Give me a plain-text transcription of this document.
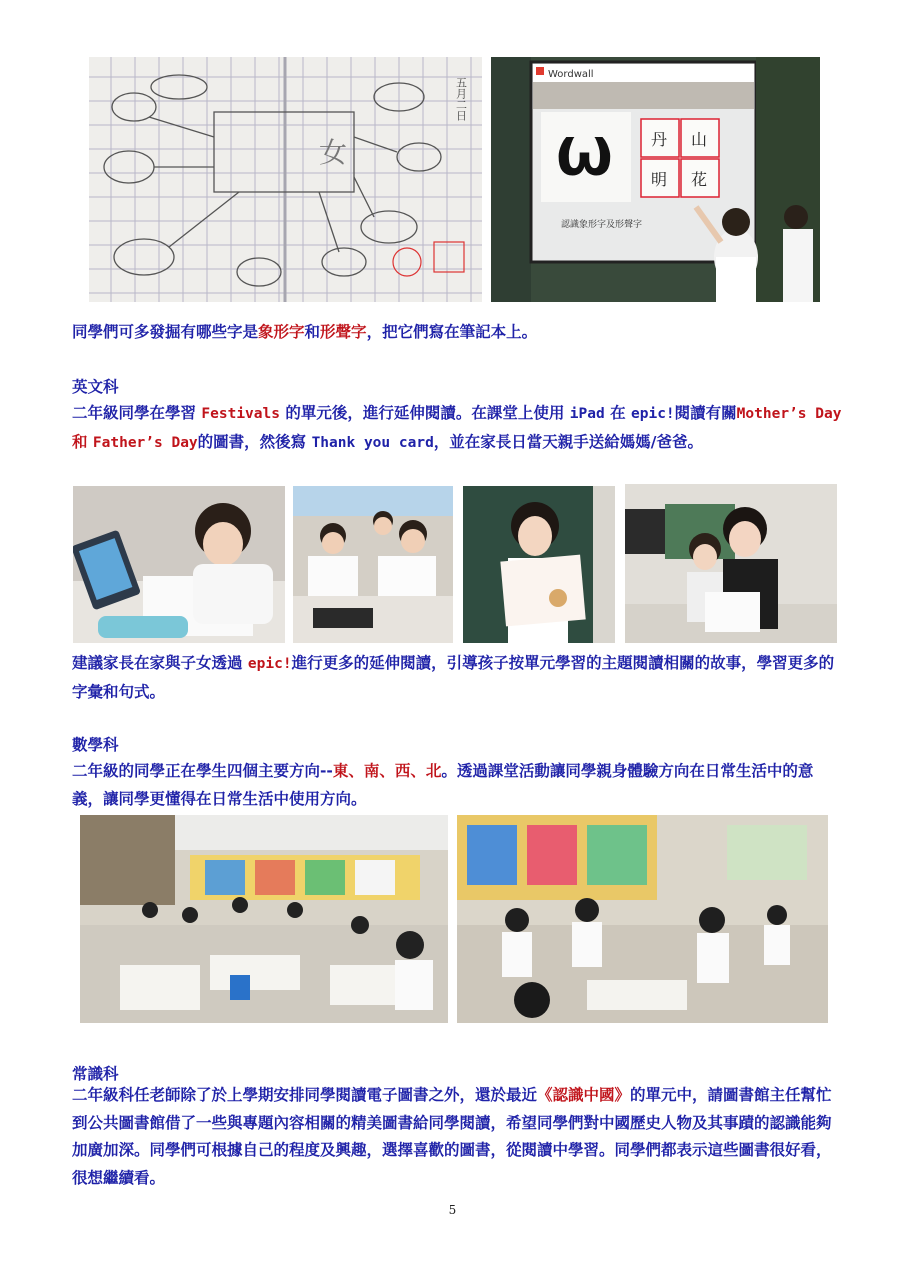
女
五月二日
Wordwall
Ѡ 丹 山
明 花
認識象形字及形聲字
同學們可多發掘有哪些字是象形字和形聲字，把它們寫在筆記本上。
英文科
二年級同學在學習 Festivals 的單元後，進行延伸閱讀。在課堂上使用 iPad 在 epic!閱讀有關Mother’s Day 和 Father’s Day的圖書，然後寫 Thank you card，並在家長日當天親手送給媽媽/爸爸。
建議家長在家與子女透過 epic!進行更多的延伸閱讀，引導孩子按單元學習的主題閱讀相關的故事，學習更多的字彙和句式。
數學科
二年級的同學正在學生四個主要方向--東、南、西、北。透過課堂活動讓同學親身體驗方向在日常生活中的意義，讓同學更懂得在日常生活中使用方向。
常識科
二年級科任老師除了於上學期安排同學閱讀電子圖書之外，還於最近《認識中國》的單元中，請圖書館主任幫忙到公共圖書館借了一些與專題內容相關的精美圖書給同學閱讀，希望同學們對中國歷史人物及其事蹟的認識能夠加廣加深。同學們可根據自己的程度及興趣，選擇喜歡的圖書，從閱讀中學習。同學們都表示這些圖書很好看，很想繼續看。
5
